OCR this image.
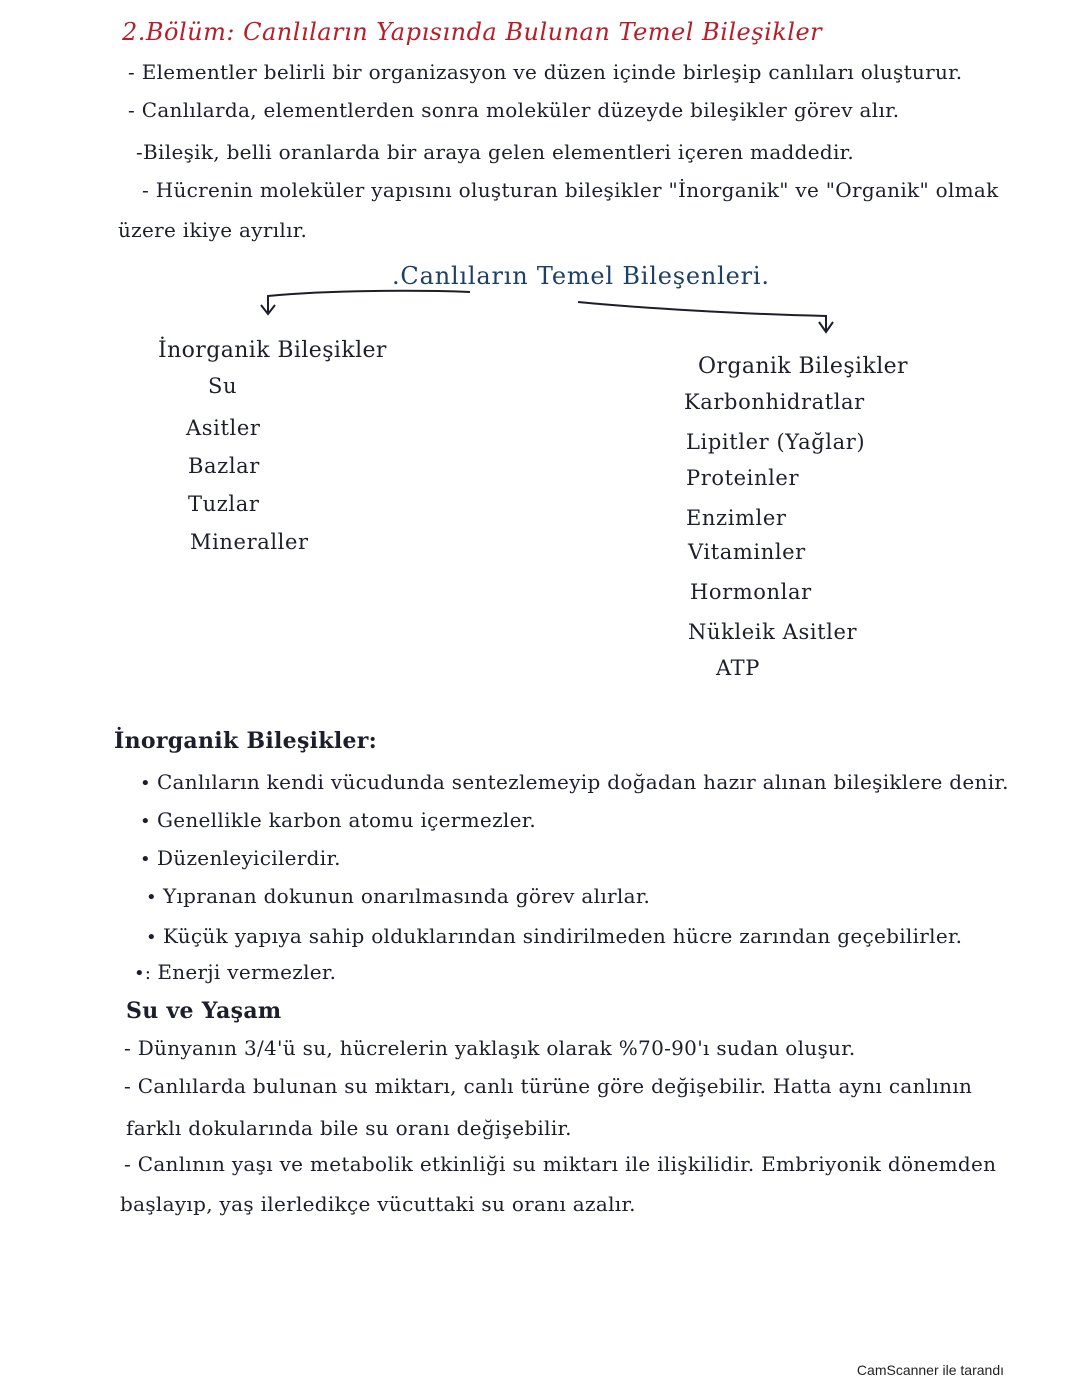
2.Bölüm: Canlıların Yapısında Bulunan Temel Bileşikler
- Elementler belirli bir organizasyon ve düzen içinde birleşip canlıları oluşturur.
- Canlılarda, elementlerden sonra moleküler düzeyde bileşikler görev alır.
-Bileşik, belli oranlarda bir araya gelen elementleri içeren maddedir.
- Hücrenin moleküler yapısını oluşturan bileşikler "İnorganik" ve "Organik" olmak
üzere ikiye ayrılır.
.Canlıların Temel Bileşenleri.
İnorganik Bileşikler
Su
Asitler
Bazlar
Tuzlar
Mineraller
Organik Bileşikler
Karbonhidratlar
Lipitler (Yağlar)
Proteinler
Enzimler
Vitaminler
Hormonlar
Nükleik Asitler
ATP
İnorganik Bileşikler:
• Canlıların kendi vücudunda sentezlemeyip doğadan hazır alınan bileşiklere denir.
• Genellikle karbon atomu içermezler.
• Düzenleyicilerdir.
• Yıpranan dokunun onarılmasında görev alırlar.
• Küçük yapıya sahip olduklarından sindirilmeden hücre zarından geçebilirler.
•: Enerji vermezler.
Su ve Yaşam
- Dünyanın 3/4'ü su, hücrelerin yaklaşık olarak %70-90'ı sudan oluşur.
- Canlılarda bulunan su miktarı, canlı türüne göre değişebilir. Hatta aynı canlının
farklı dokularında bile su oranı değişebilir.
- Canlının yaşı ve metabolik etkinliği su miktarı ile ilişkilidir. Embriyonik dönemden
başlayıp, yaş ilerledikçe vücuttaki su oranı azalır.
CamScanner ile tarandı
